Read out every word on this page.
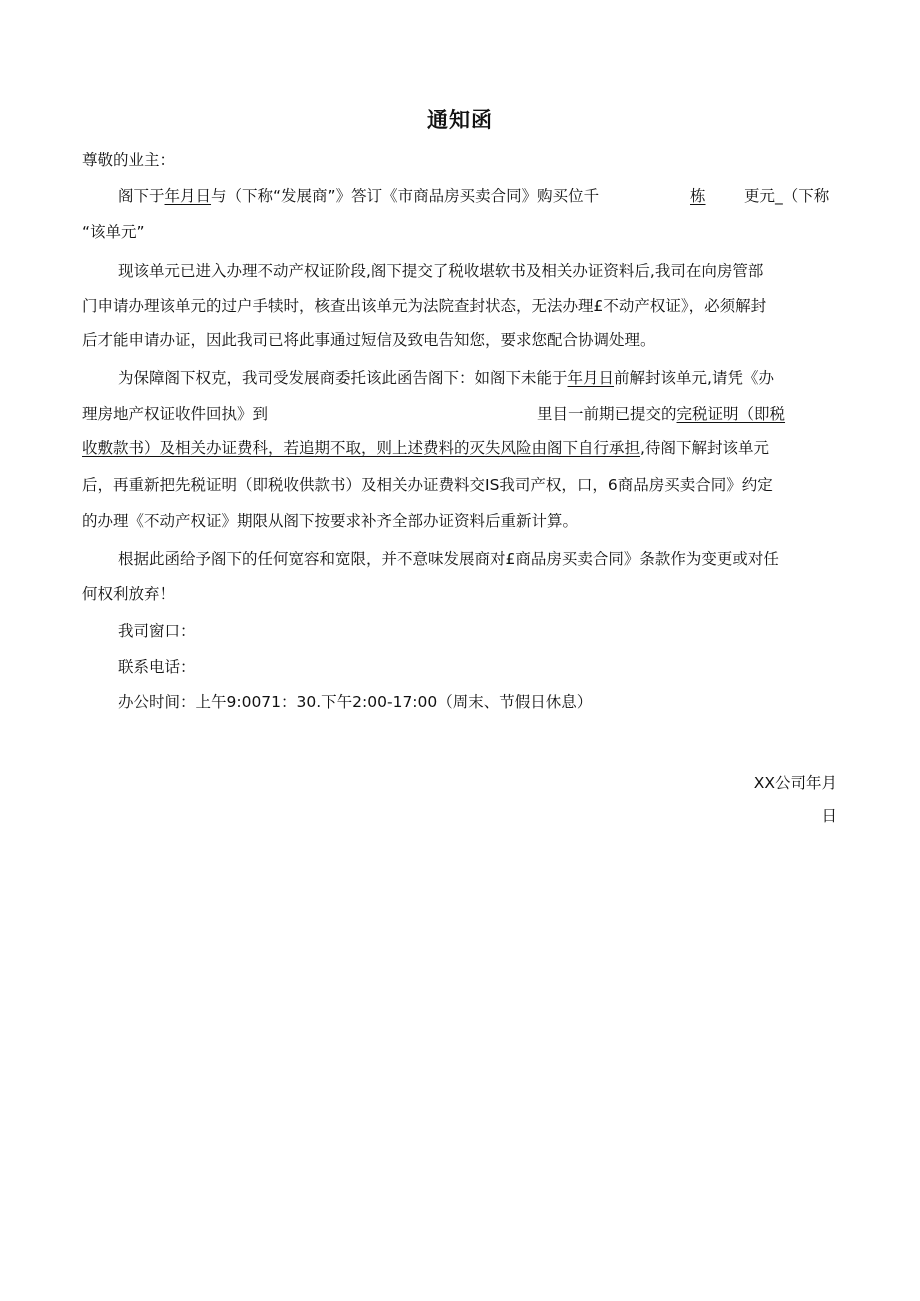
通知函
尊敬的业主：
阁下于年月日与（下称“发展商”》答订《市商品房买卖合同》购买位千	栋 更元_（下称
“该单元”
现该单元已进入办理不动产权证阶段,阁下提交了税收堪软书及相关办证资料后,我司在向房管部
门申请办理该单元的过户手犊时，核查出该单元为法院查封状态，无法办理£不动产权证》，必须解封
后才能申请办证，因此我司已将此事通过短信及致电告知您，要求您配合协调处理。
为保障阁下权克，我司受发展商委托该此函告阁下：如阁下未能于年月日前解封该单元,请凭《办
理房地产权证收件回执》到	里目一前期已提交的完税证明（即税
收敷款书）及相关办证费科，若追期不取，则上述费料的灭失风险由阁下自行承担,待阁下解封该单元
后，再重新把先税证明（即税收供款书）及相关办证费料交IS我司产权，口，6商品房买卖合同》约定
的办理《不动产权证》期限从阁下按要求补齐全部办证资料后重新计算。
根据此函给予阁下的任何宽容和宽限，并不意味发展商对£商品房买卖合同》条款作为变更或对任
何权利放弃！
我司窗口：
联系电话：
办公时间：上午9:0071：30.下午2:00-17:00（周末、节假日休息）
XX公司年月
日
